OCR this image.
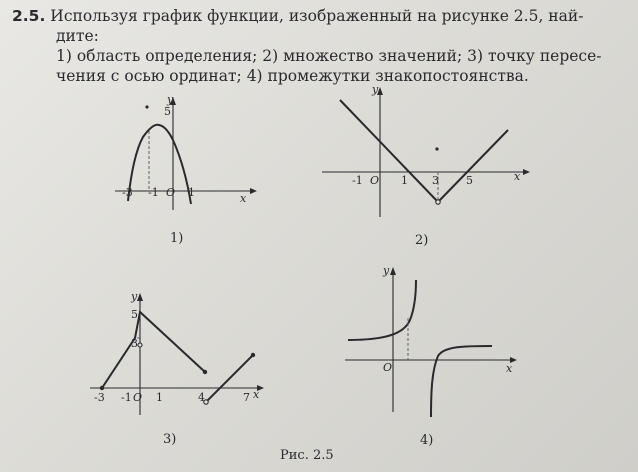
2.5. Используя график функции, изображенный на рисунке 2.5, най-
дите:
1) область определения; 2) множество значений; 3) точку пересе-
чения с осью ординат; 4) промежутки знакопостоянства.
y
x
5
-3 -1 O 1
1)
y
x
-1 O 1 3 5
2)
y
x
5
3
-3 -1 O 1	4	7
3)
y
x
O
4)
Рис. 2.5
